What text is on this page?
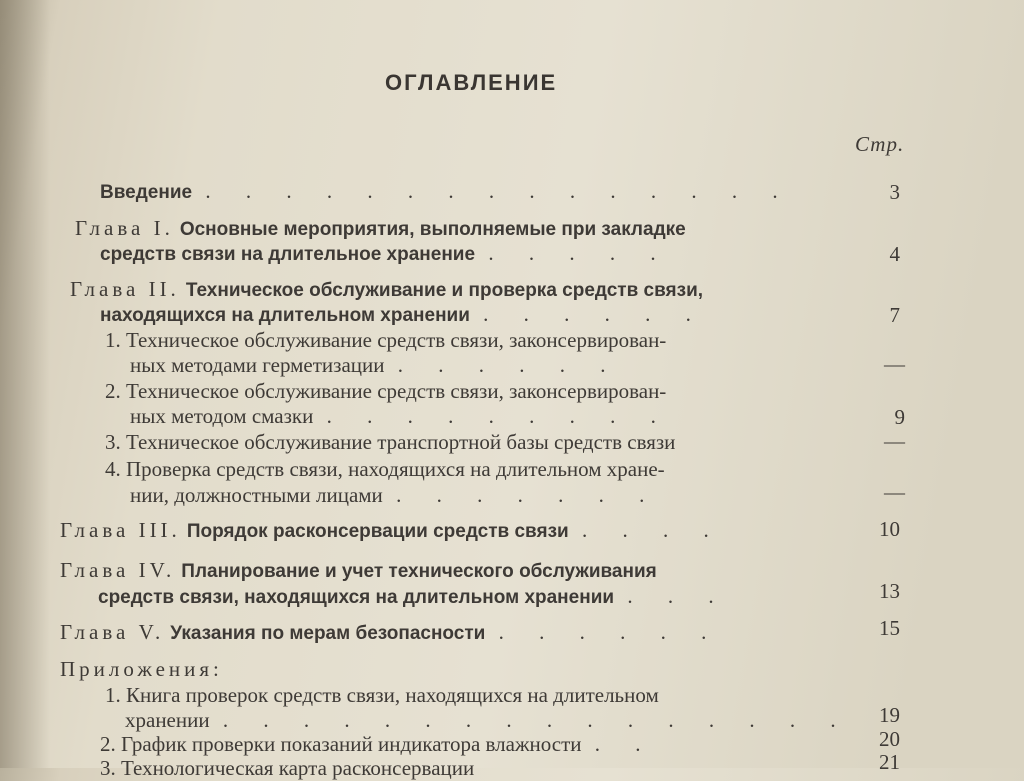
ОГЛАВЛЕНИЕ
Стр.
Введение . . . . . . . . . . . . . . .	3
Глава I. Основные мероприятия, выполняемые при закладке
средств связи на длительное хранение . . . . .	4
Глава II. Техническое обслуживание и проверка средств связи,
находящихся на длительном хранении . . . . . .	7
1. Техническое обслуживание средств связи, законсервирован-
ных методами герметизации . . . . . .	—
2. Техническое обслуживание средств связи, законсервирован-
ных методом смазки . . . . . . . . .	9
3. Техническое обслуживание транспортной базы средств связи	—
4. Проверка средств связи, находящихся на длительном хране-
нии, должностными лицами . . . . . . .	—
Глава III. Порядок расконсервации средств связи . . . .	10
Глава IV. Планирование и учет технического обслуживания
средств связи, находящихся на длительном хранении . . .	13
Глава V. Указания по мерам безопасности . . . . . .	15
Приложения:
1. Книга проверок средств связи, находящихся на длительном
хранении . . . . . . . . . . . . . . . .	19
2. График проверки показаний индикатора влажности . .	20
3. Технологическая карта расконсервации	21
